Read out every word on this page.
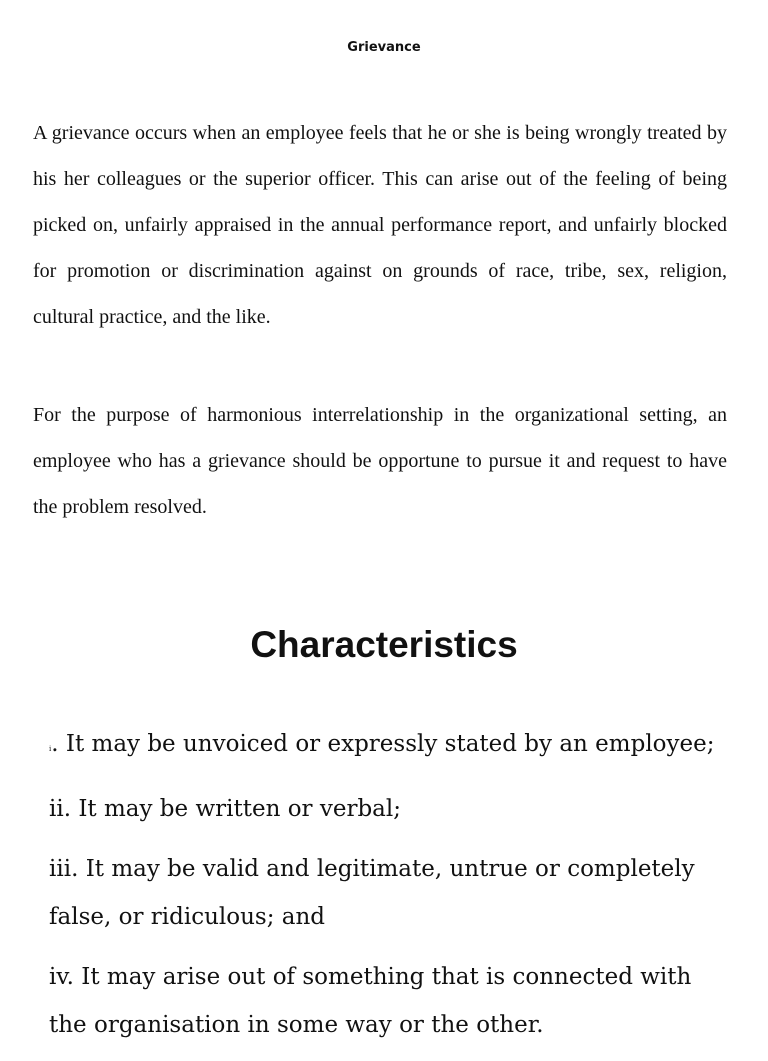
Grievance

A grievance occurs when an employee feels that he or she is being wrongly treated by his her colleagues or the superior officer. This can arise out of the feeling of being picked on, unfairly appraised in the annual performance report, and unfairly blocked for promotion or discrimination against on grounds of race, tribe, sex, religion, cultural practice, and the like.

For the purpose of harmonious interrelationship in the organizational setting, an employee who has a grievance should be opportune to pursue it and request to have the problem resolved.

Characteristics
i. It may be unvoiced or expressly stated by an employee;
ii. It may be written or verbal;
iii. It may be valid and legitimate, untrue or completely false, or ridiculous; and
iv. It may arise out of something that is connected with the organisation in some way or the other.
